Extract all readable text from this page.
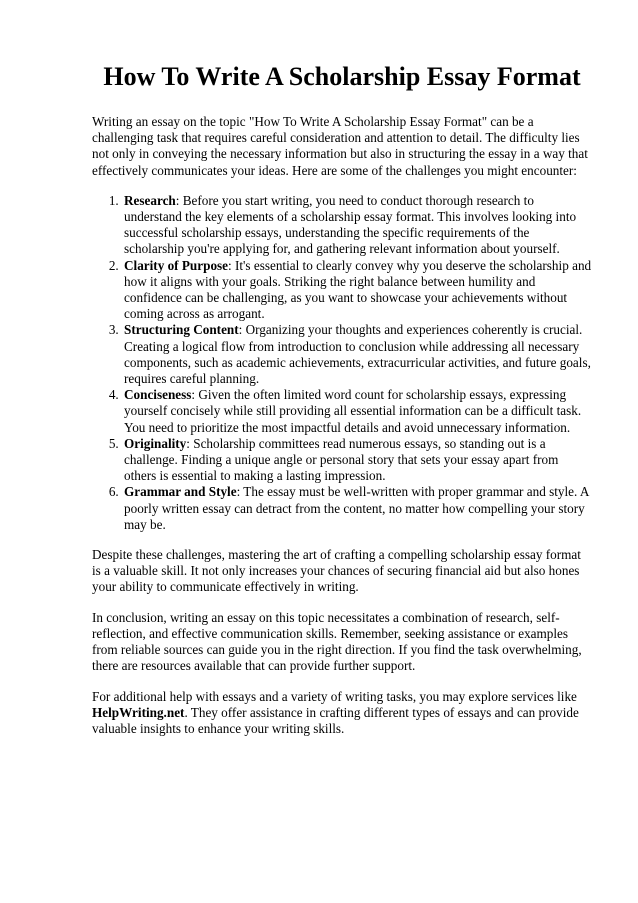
How To Write A Scholarship Essay Format

Writing an essay on the topic "How To Write A Scholarship Essay Format" can be a challenging task that requires careful consideration and attention to detail. The difficulty lies not only in conveying the necessary information but also in structuring the essay in a way that effectively communicates your ideas. Here are some of the challenges you might encounter:

1. Research: Before you start writing, you need to conduct thorough research to understand the key elements of a scholarship essay format. This involves looking into successful scholarship essays, understanding the specific requirements of the scholarship you're applying for, and gathering relevant information about yourself.
2. Clarity of Purpose: It's essential to clearly convey why you deserve the scholarship and how it aligns with your goals. Striking the right balance between humility and confidence can be challenging, as you want to showcase your achievements without coming across as arrogant.
3. Structuring Content: Organizing your thoughts and experiences coherently is crucial. Creating a logical flow from introduction to conclusion while addressing all necessary components, such as academic achievements, extracurricular activities, and future goals, requires careful planning.
4. Conciseness: Given the often limited word count for scholarship essays, expressing yourself concisely while still providing all essential information can be a difficult task. You need to prioritize the most impactful details and avoid unnecessary information.
5. Originality: Scholarship committees read numerous essays, so standing out is a challenge. Finding a unique angle or personal story that sets your essay apart from others is essential to making a lasting impression.
6. Grammar and Style: The essay must be well-written with proper grammar and style. A poorly written essay can detract from the content, no matter how compelling your story may be.

Despite these challenges, mastering the art of crafting a compelling scholarship essay format is a valuable skill. It not only increases your chances of securing financial aid but also hones your ability to communicate effectively in writing.

In conclusion, writing an essay on this topic necessitates a combination of research, self-reflection, and effective communication skills. Remember, seeking assistance or examples from reliable sources can guide you in the right direction. If you find the task overwhelming, there are resources available that can provide further support.

For additional help with essays and a variety of writing tasks, you may explore services like HelpWriting.net. They offer assistance in crafting different types of essays and can provide valuable insights to enhance your writing skills.
